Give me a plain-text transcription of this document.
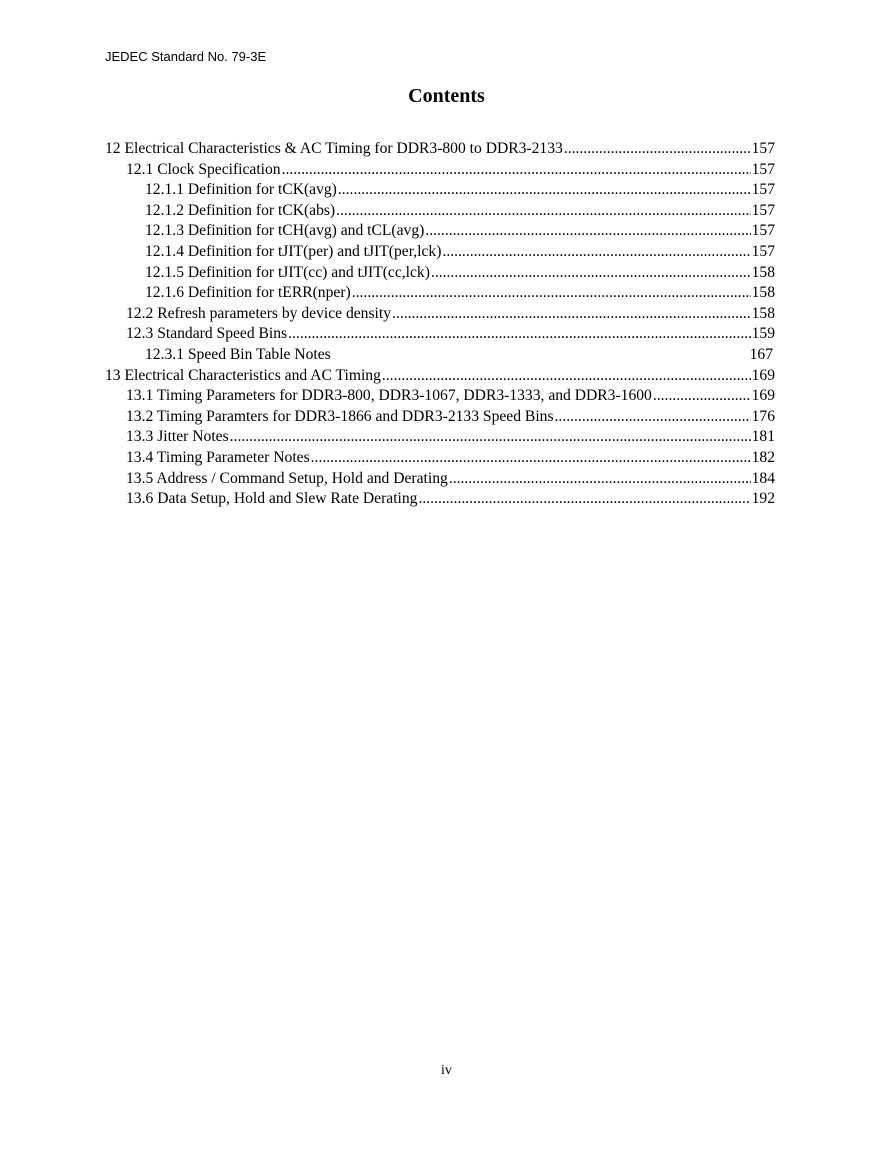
JEDEC Standard No. 79-3E
Contents
12 Electrical Characteristics & AC Timing for DDR3-800 to DDR3-2133 .....	157
12.1 Clock Specification .....	157
12.1.1 Definition for tCK(avg) .....	157
12.1.2 Definition for tCK(abs) .....	157
12.1.3 Definition for tCH(avg) and tCL(avg) .....	157
12.1.4 Definition for tJIT(per) and tJIT(per,lck) .....	157
12.1.5 Definition for tJIT(cc) and tJIT(cc,lck) .....	158
12.1.6 Definition for tERR(nper) .....	158
12.2 Refresh parameters by device density .....	158
12.3 Standard Speed Bins .....	159
12.3.1 Speed Bin Table Notes	167
13 Electrical Characteristics and AC Timing .....	169
13.1 Timing Parameters for DDR3-800, DDR3-1067, DDR3-1333, and DDR3-1600 .....	169
13.2 Timing Paramters for DDR3-1866 and DDR3-2133 Speed Bins .....	176
13.3 Jitter Notes .....	181
13.4 Timing Parameter Notes .....	182
13.5 Address / Command Setup, Hold and Derating .....	184
13.6 Data Setup, Hold and Slew Rate Derating .....	192
iv
